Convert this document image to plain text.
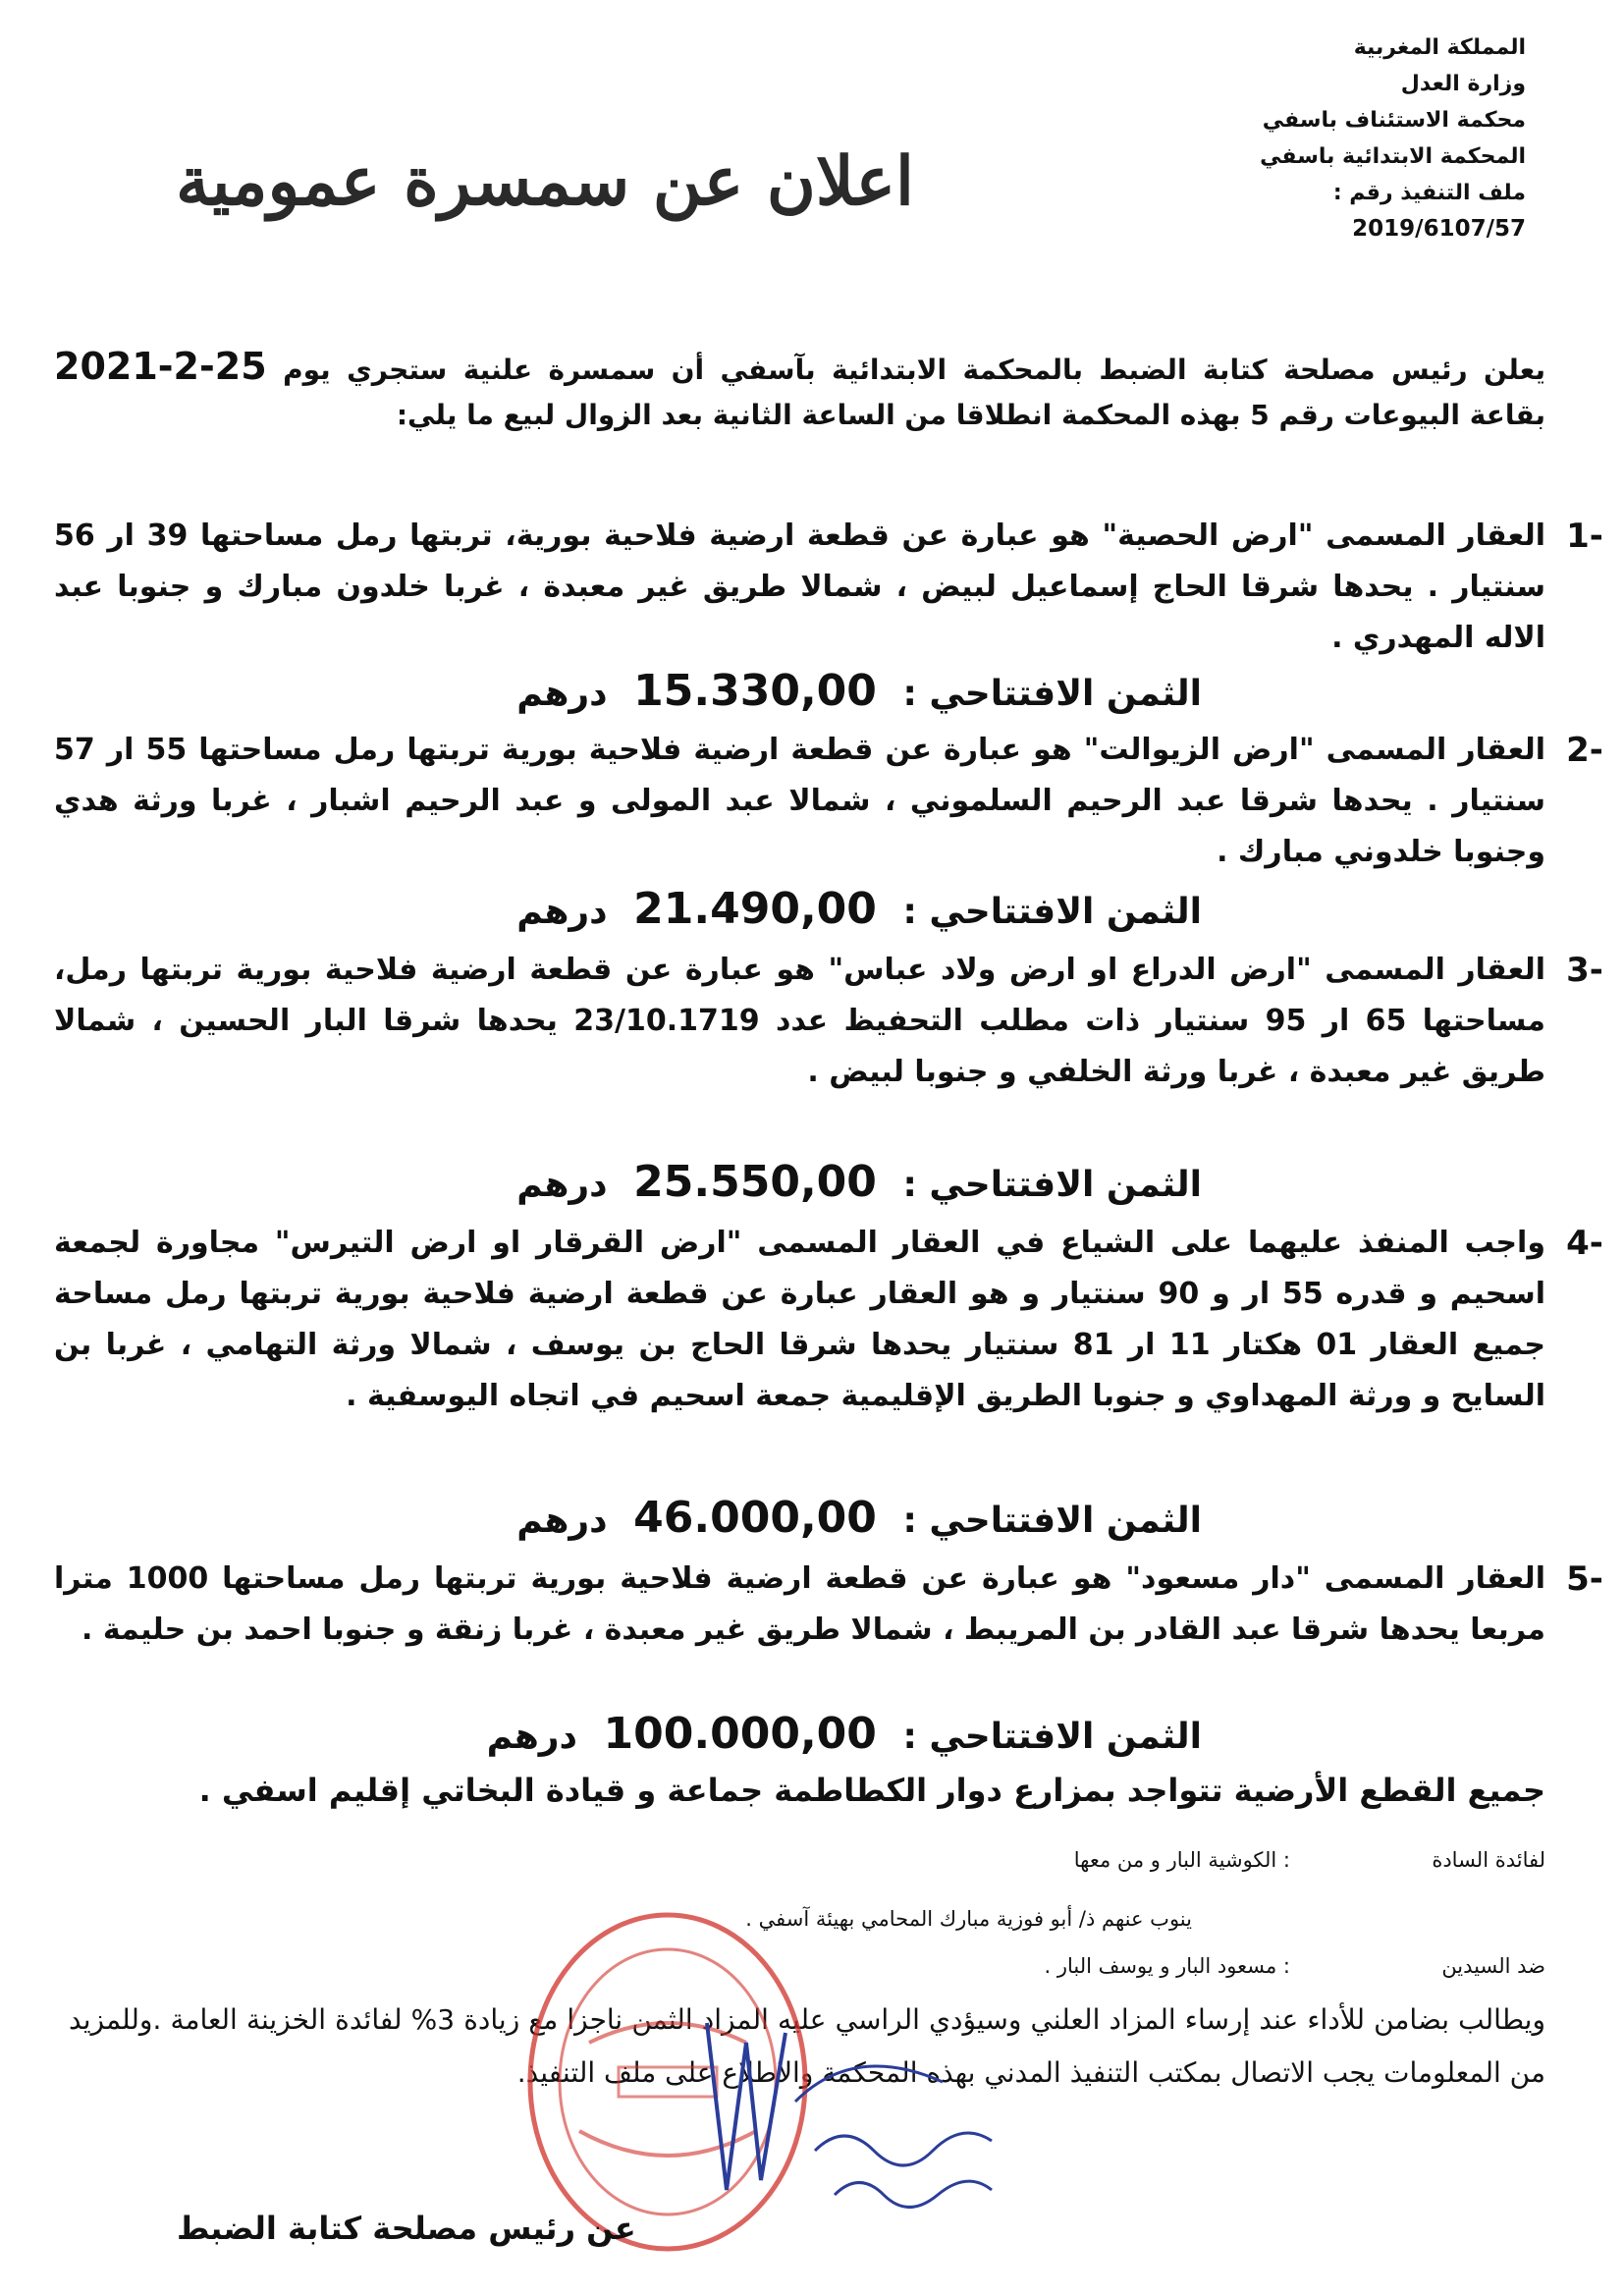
المملكة المغربية
وزارة العدل
محكمة الاستئناف باسفي
المحكمة الابتدائية باسفي
ملف التنفيذ رقم :
2019/6107/57
اعلان عن سمسرة عمومية
يعلن رئيس مصلحة كتابة الضبط بالمحكمة الابتدائية بآسفي أن سمسرة علنية ستجري يوم 25-2-2021 بقاعة البيوعات رقم 5 بهذه المحكمة انطلاقا من الساعة الثانية بعد الزوال لبيع ما يلي:
1-
العقار المسمى "ارض الحصية" هو عبارة عن قطعة ارضية فلاحية بورية، تربتها رمل مساحتها 39 ار 56 سنتيار . يحدها شرقا الحاج إسماعيل لبيض ، شمالا طريق غير معبدة ، غربا خلدون مبارك و جنوبا عبد الاله المهدري .
الثمن الافتتاحي : 15.330,00 درهم
2-
العقار المسمى "ارض الزيوالت" هو عبارة عن قطعة ارضية فلاحية بورية تربتها رمل مساحتها 55 ار 57 سنتيار . يحدها شرقا عبد الرحيم السلموني ، شمالا عبد المولى و عبد الرحيم اشبار ، غربا ورثة هدي وجنوبا خلدوني مبارك .
الثمن الافتتاحي : 21.490,00 درهم
3-
العقار المسمى "ارض الدراع او ارض ولاد عباس" هو عبارة عن قطعة ارضية فلاحية بورية تربتها رمل، مساحتها 65 ار 95 سنتيار ذات مطلب التحفيظ عدد 23/10.1719 يحدها شرقا البار الحسين ، شمالا طريق غير معبدة ، غربا ورثة الخلفي و جنوبا لبيض .
الثمن الافتتاحي : 25.550,00 درهم
4-
واجب المنفذ عليهما على الشياع في العقار المسمى "ارض القرقار او ارض التيرس" مجاورة لجمعة اسحيم و قدره 55 ار و 90 سنتيار و هو العقار عبارة عن قطعة ارضية فلاحية بورية تربتها رمل مساحة جميع العقار 01 هكتار 11 ار 81 سنتيار يحدها شرقا الحاج بن يوسف ، شمالا ورثة التهامي ، غربا بن السايح و ورثة المهداوي و جنوبا الطريق الإقليمية جمعة اسحيم في اتجاه اليوسفية .
الثمن الافتتاحي : 46.000,00 درهم
5-
العقار المسمى "دار مسعود" هو عبارة عن قطعة ارضية فلاحية بورية تربتها رمل مساحتها 1000 مترا مربعا يحدها شرقا عبد القادر بن المريبط ، شمالا طريق غير معبدة ، غربا زنقة و جنوبا احمد بن حليمة .
الثمن الافتتاحي : 100.000,00 درهم
جميع القطع الأرضية تتواجد بمزارع دوار الكطاطمة جماعة و قيادة البخاتي إقليم اسفي .
لفائدة السادة
: الكوشية البار و من معها
ينوب عنهم ذ/ أبو فوزية مبارك المحامي بهيئة آسفي .
ضد السيدين
: مسعود البار و يوسف البار .
ويطالب بضامن للأداء عند إرساء المزاد العلني وسيؤدي الراسي عليه المزاد الثمن ناجزا مع زيادة 3% لفائدة الخزينة العامة .وللمزيد من المعلومات يجب الاتصال بمكتب التنفيذ المدني بهذه المحكمة والاطلاع على ملف التنفيذ.
عن رئيس مصلحة كتابة الضبط
